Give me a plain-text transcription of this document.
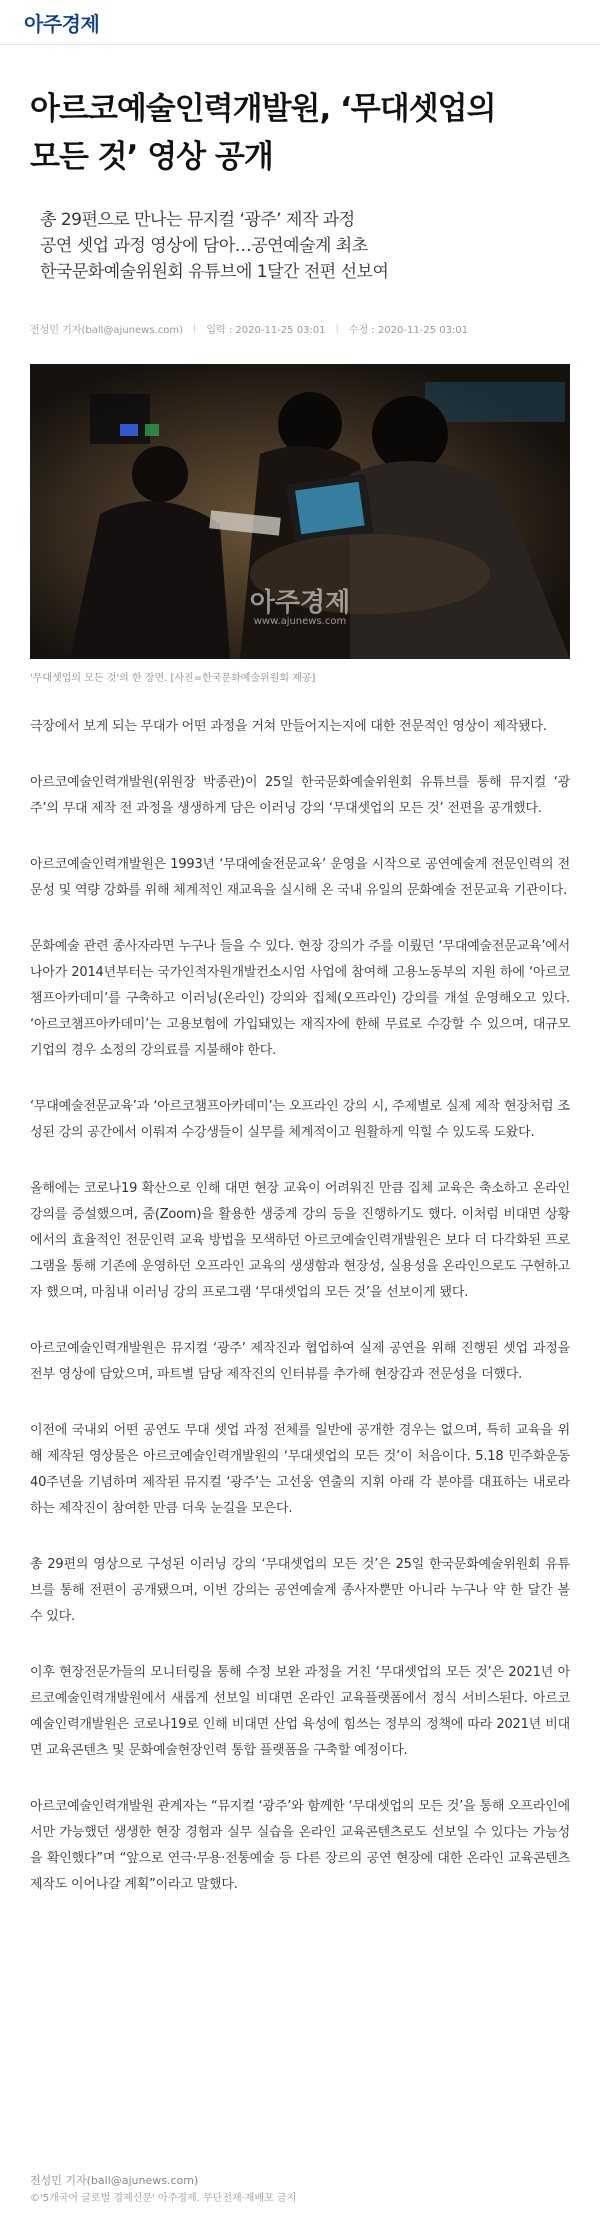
아주경제
아르코예술인력개발원, ‘무대셋업의
모든 것’ 영상 공개
총 29편으로 만나는 뮤지컬 ‘광주’ 제작 과정
공연 셋업 과정 영상에 담아…공연예술계 최초
한국문화예술위원회 유튜브에 1달간 전편 선보여
전성민 기자(ball@ajunews.com) | 입력 : 2020-11-25 03:01 | 수정 : 2020-11-25 03:01
아주경제
www.ajunews.com
'무대셋업의 모든 것'의 한 장면. [사진=한국문화예술위원회 제공]

극장에서 보게 되는 무대가 어떤 과정을 거쳐 만들어지는지에 대한 전문적인 영상이 제작됐다.

아르코예술인력개발원(위원장 박종관)이 25일 한국문화예술위원회 유튜브를 통해 뮤지컬 ‘광주’의 무대 제작 전 과정을 생생하게 담은 이러닝 강의 ‘무대셋업의 모든 것’ 전편을 공개했다.

아르코예술인력개발원은 1993년 ‘무대예술전문교육’ 운영을 시작으로 공연예술계 전문인력의 전문성 및 역량 강화를 위해 체계적인 재교육을 실시해 온 국내 유일의 문화예술 전문교육 기관이다.

문화예술 관련 종사자라면 누구나 들을 수 있다. 현장 강의가 주를 이뤘던 ‘무대예술전문교육’에서 나아가 2014년부터는 국가인적자원개발컨소시엄 사업에 참여해 고용노동부의 지원 하에 ‘아르코챔프아카데미’를 구축하고 이러닝(온라인) 강의와 집체(오프라인) 강의를 개설 운영해오고 있다. ‘아르코챔프아카데미’는 고용보험에 가입돼있는 재직자에 한해 무료로 수강할 수 있으며, 대규모 기업의 경우 소정의 강의료를 지불해야 한다.

‘무대예술전문교육’과 ‘아르코챔프아카데미’는 오프라인 강의 시, 주제별로 실제 제작 현장처럼 조성된 강의 공간에서 이뤄져 수강생들이 실무를 체계적이고 원활하게 익힐 수 있도록 도왔다.

올해에는 코로나19 확산으로 인해 대면 현장 교육이 어려워진 만큼 집체 교육은 축소하고 온라인 강의를 증설했으며, 줌(Zoom)을 활용한 생중계 강의 등을 진행하기도 했다. 이처럼 비대면 상황에서의 효율적인 전문인력 교육 방법을 모색하던 아르코예술인력개발원은 보다 더 다각화된 프로그램을 통해 기존에 운영하던 오프라인 교육의 생생함과 현장성, 실용성을 온라인으로도 구현하고자 했으며, 마침내 이러닝 강의 프로그램 ‘무대셋업의 모든 것’을 선보이게 됐다.

아르코예술인력개발원은 뮤지컬 ‘광주’ 제작진과 협업하여 실제 공연을 위해 진행된 셋업 과정을 전부 영상에 담았으며, 파트별 담당 제작진의 인터뷰를 추가해 현장감과 전문성을 더했다.

이전에 국내외 어떤 공연도 무대 셋업 과정 전체를 일반에 공개한 경우는 없으며, 특히 교육을 위해 제작된 영상물은 아르코예술인력개발원의 ‘무대셋업의 모든 것’이 처음이다. 5.18 민주화운동 40주년을 기념하며 제작된 뮤지컬 ‘광주’는 고선웅 연출의 지휘 아래 각 분야를 대표하는 내로라하는 제작진이 참여한 만큼 더욱 눈길을 모은다.

총 29편의 영상으로 구성된 이러닝 강의 ‘무대셋업의 모든 것’은 25일 한국문화예술위원회 유튜브를 통해 전편이 공개됐으며, 이번 강의는 공연예술계 종사자뿐만 아니라 누구나 약 한 달간 볼 수 있다.

이후 현장전문가들의 모니터링을 통해 수정 보완 과정을 거친 ‘무대셋업의 모든 것’은 2021년 아르코예술인력개발원에서 새롭게 선보일 비대면 온라인 교육플랫폼에서 정식 서비스된다. 아르코예술인력개발원은 코로나19로 인해 비대면 산업 육성에 힘쓰는 정부의 정책에 따라 2021년 비대면 교육콘텐츠 및 문화예술현장인력 통합 플랫폼을 구축할 예정이다.

아르코예술인력개발원 관계자는 “뮤지컬 ‘광주’와 함께한 ‘무대셋업의 모든 것’을 통해 오프라인에서만 가능했던 생생한 현장 경험과 실무 실습을 온라인 교육콘텐츠로도 선보일 수 있다는 가능성을 확인했다”며 “앞으로 연극·무용·전통예술 등 다른 장르의 공연 현장에 대한 온라인 교육콘텐츠 제작도 이어나갈 계획”이라고 말했다.

전성민 기자(ball@ajunews.com)
©'5개국어 글로벌 경제신문' 아주경제. 무단전재·재배포 금지
